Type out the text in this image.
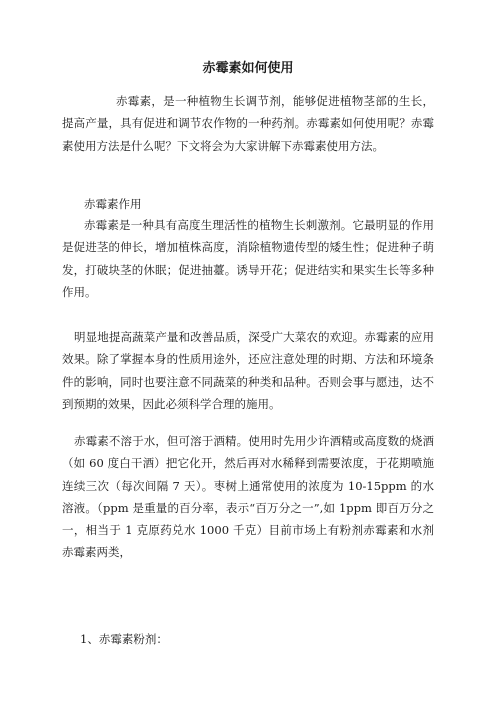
赤霉素如何使用

赤霉素，是一种植物生长调节剂，能够促进植物茎部的生长，提高产量，具有促进和调节农作物的一种药剂。赤霉素如何使用呢？赤霉素使用方法是什么呢？下文将会为大家讲解下赤霉素使用方法。

赤霉素作用

赤霉素是一种具有高度生理活性的植物生长刺激剂。它最明显的作用是促进茎的伸长，增加植株高度，消除植物遗传型的矮生性；促进种子萌发，打破块茎的休眠；促进抽薹。诱导开花；促进结实和果实生长等多种作用。

明显地提高蔬菜产量和改善品质，深受广大菜农的欢迎。赤霉素的应用效果。除了掌握本身的性质用途外，还应注意处理的时期、方法和环境条件的影响，同时也要注意不同蔬菜的种类和品种。否则会事与愿违，达不到预期的效果，因此必须科学合理的施用。

赤霉素不溶于水，但可溶于酒精。使用时先用少许酒精或高度数的烧酒（如 60 度白干酒）把它化开，然后再对水稀释到需要浓度，于花期喷施连续三次（每次间隔 7 天）。枣树上通常使用的浓度为 10-15ppm 的水溶液。（ppm 是重量的百分率，表示“百万分之一”,如 1ppm 即百万分之一，相当于 1 克原药兑水 1000 千克）目前市场上有粉剂赤霉素和水剂赤霉素两类，

1、赤霉素粉剂：
